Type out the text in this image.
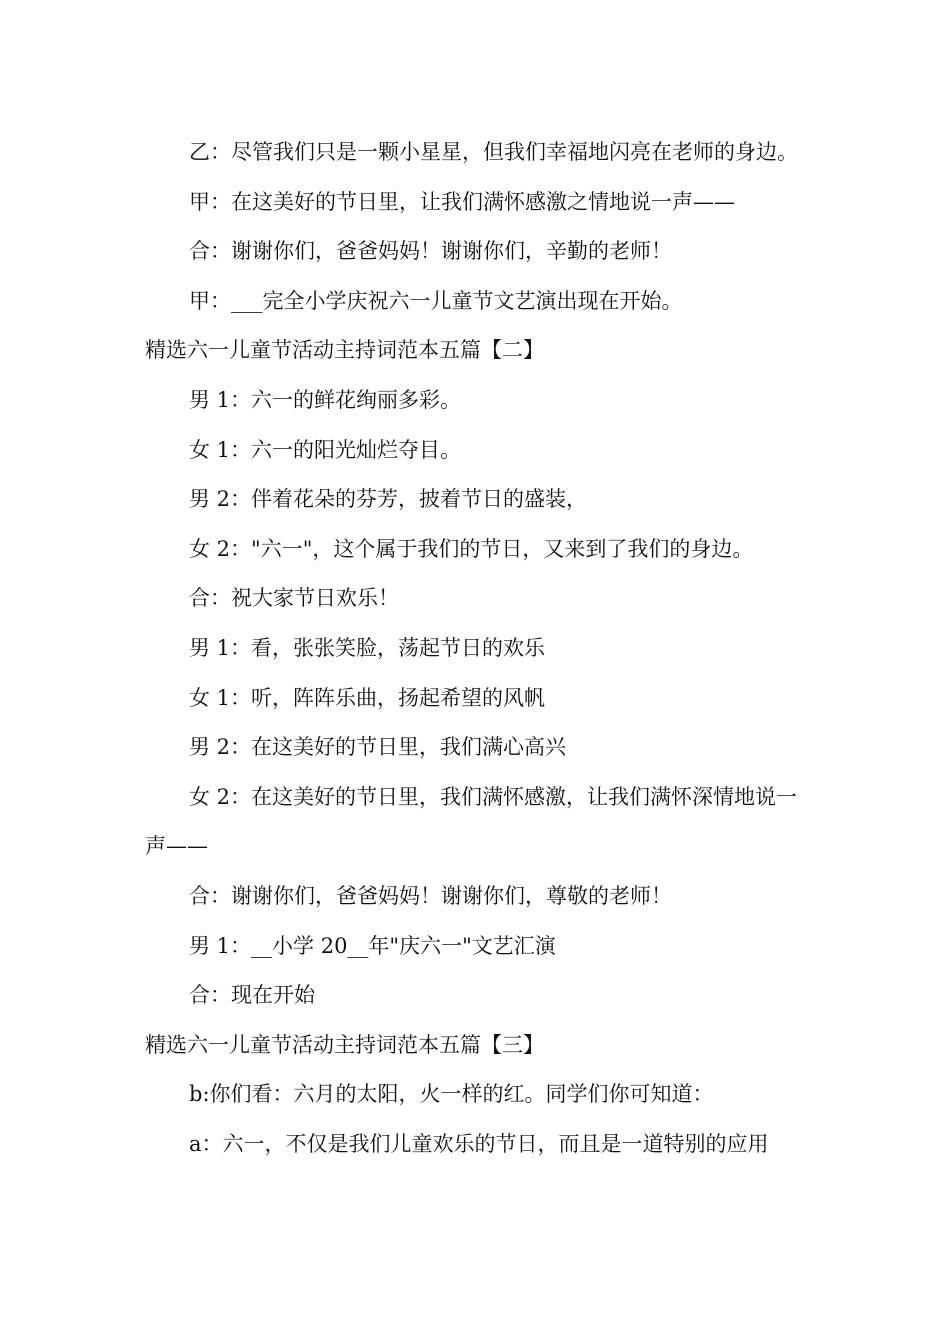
乙：尽管我们只是一颗小星星，但我们幸福地闪亮在老师的身边。

甲：在这美好的节日里，让我们满怀感激之情地说一声——

合：谢谢你们，爸爸妈妈！谢谢你们，辛勤的老师！

甲：___完全小学庆祝六一儿童节文艺演出现在开始。

精选六一儿童节活动主持词范本五篇【二】

男 1：六一的鲜花绚丽多彩。

女 1：六一的阳光灿烂夺目。

男 2：伴着花朵的芬芳，披着节日的盛装，

女 2："六一"，这个属于我们的节日，又来到了我们的身边。

合：祝大家节日欢乐！

男 1：看，张张笑脸，荡起节日的欢乐

女 1：听，阵阵乐曲，扬起希望的风帆

男 2：在这美好的节日里，我们满心高兴

女 2：在这美好的节日里，我们满怀感激，让我们满怀深情地说一声——

合：谢谢你们，爸爸妈妈！谢谢你们，尊敬的老师！

男 1：__小学 20__年"庆六一"文艺汇演

合：现在开始

精选六一儿童节活动主持词范本五篇【三】

b:你们看：六月的太阳，火一样的红。同学们你可知道：

a：六一，不仅是我们儿童欢乐的节日，而且是一道特别的应用
